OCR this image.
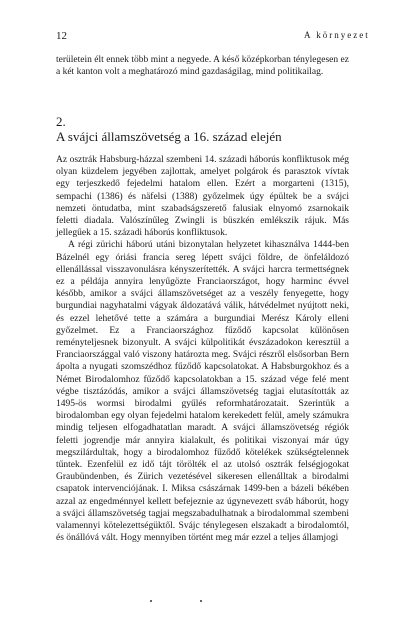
12	A környezet
területein élt ennek több mint a negyede. A késő középkorban ténylegesen ez a két kanton volt a meghatározó mind gazdaságilag, mind politikailag.
2.
A svájci államszövetség a 16. század elején

Az osztrák Habsburg-házzal szembeni 14. századi háborús konfliktusok még olyan küzdelem jegyében zajlottak, amelyet polgárok és parasztok vívtak egy terjeszkedő fejedelmi hatalom ellen. Ezért a morgarteni (1315), sempachi (1386) és näfelsi (1388) győzelmek úgy épültek be a svájci nemzeti öntudatba, mint szabadságszerető falusiak elnyomó zsarnokaik feletti diadala. Valószínűleg Zwingli is büszkén emlékszik rájuk. Más jellegűek a 15. századi háborús konfliktusok.

A régi zürichi háború utáni bizonytalan helyzetet kihasználva 1444-ben Bázelnél egy óriási francia sereg lépett svájci földre, de önfeláldozó ellenállással visszavonulásra kényszerítették. A svájci harcra termettségnek ez a példája annyira lenyűgözte Franciaországot, hogy harminc évvel később, amikor a svájci államszövetséget az a veszély fenyegette, hogy burgundiai nagyhatalmi vágyak áldozatává válik, hátvédelmet nyújtott neki, és ezzel lehetővé tette a számára a burgundiai Merész Károly elleni győzelmet. Ez a Franciaországhoz fűződő kapcsolat különösen reményteljesnek bizonyult. A svájci külpolitikát évszázadokon keresztül a Franciaországgal való viszony határozta meg. Svájci részről elsősorban Bern ápolta a nyugati szomszédhoz fűződő kapcsolatokat. A Habsburgokhoz és a Német Birodalomhoz fűződő kapcsolatokban a 15. század vége felé ment végbe tisztázódás, amikor a svájci államszövetség tagjai elutasították az 1495-ös wormsi birodalmi gyűlés reformhatározatait. Szerintük a birodalomban egy olyan fejedelmi hatalom kerekedett felül, amely számukra mindig teljesen elfogadhatatlan maradt. A svájci államszövetség régiók feletti jogrendje már annyira kialakult, és politikai viszonyai már úgy megszilárdultak, hogy a birodalomhoz fűződő kötelékek szükségtelennek tűntek. Ezenfelül ez idő tájt törölték el az utolsó osztrák felségjogokat Graubündenben, és Zürich vezetésével sikeresen ellenálltak a birodalmi csapatok intervenciójának. I. Miksa császárnak 1499-ben a bázeli békében azzal az engedménnyel kellett befejeznie az úgynevezett sváb háborút, hogy a svájci államszövetség tagjai megszabadulhatnak a birodalommal szembeni valamennyi kötelezettségüktől. Svájc ténylegesen elszakadt a birodalomtól, és önállóvá vált. Hogy mennyiben történt meg már ezzel a teljes államjogi
